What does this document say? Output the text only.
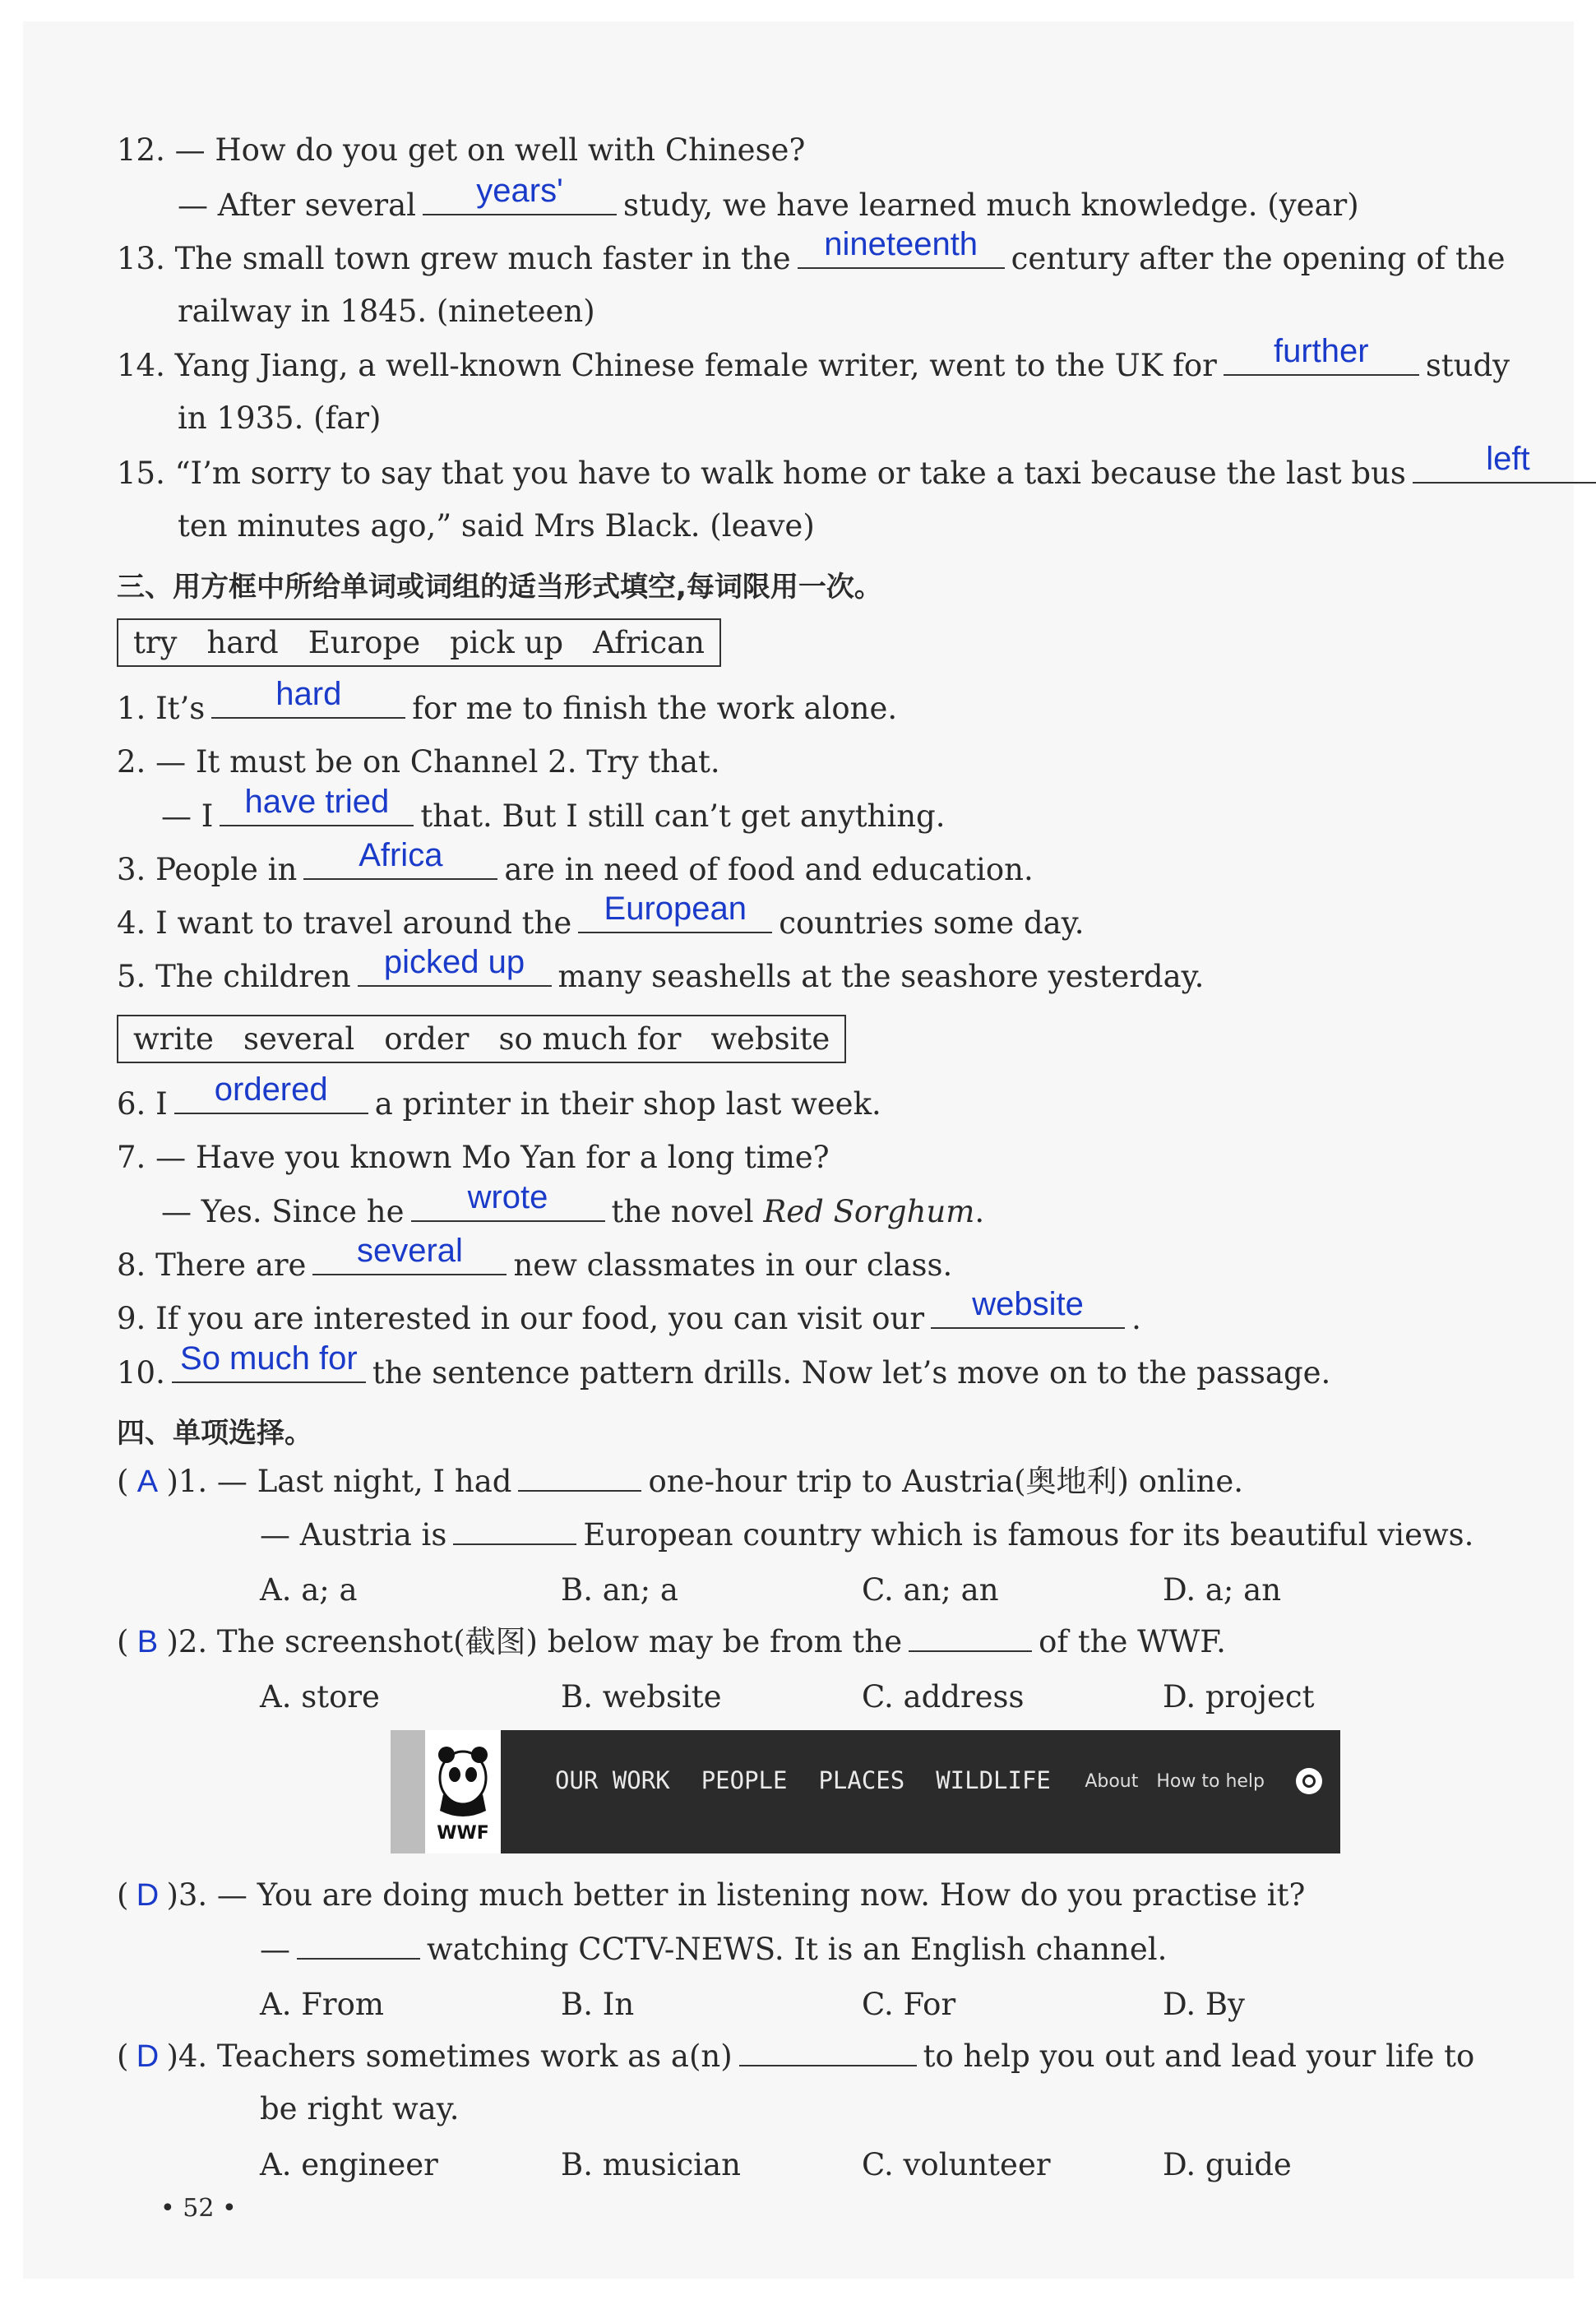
12. — How do you get on well with Chinese?
— After several	years'	study, we have learned much knowledge. (year)
13. The small town grew much faster in the	nineteenth	century after the opening of the
railway in 1845. (nineteen)
14. Yang Jiang, a well-known Chinese female writer, went to the UK for	further	study
in 1935. (far)
15. “I’m sorry to say that you have to walk home or take a taxi because the last bus	left
ten minutes ago,” said Mrs Black. (leave)
三、用方框中所给单词或词组的适当形式填空,每词限用一次。
try hard Europe pick up African
1. It’s	hard	for me to finish the work alone.
2. — It must be on Channel 2. Try that.
— I have tried	that. But I still can’t get anything.
3. People in	Africa	are in need of food and education.
4. I want to travel around the European	countries some day.
5. The children	picked up	many seashells at the seashore yesterday.
write several order so much for website
6. I	ordered	a printer in their shop last week.
7. — Have you known Mo Yan for a long time?
— Yes. Since he	wrote	the novel Red Sorghum.
8. There are	several	new classmates in our class.
9. If you are interested in our food, you can visit our	website	.
10. So much for the sentence pattern drills. Now let’s move on to the passage.
四、单项选择。
( A )1. — Last night, I had	one-hour trip to Austria(奥地利) online.
— Austria is	European country which is famous for its beautiful views.
A. a; a	B. an; a	C. an; an	D. a; an
( B )2. The screenshot(截图) below may be from the	of the WWF.
A. store	B. website	C. address	D. project
WWF
OUR WORK PEOPLE PLACES WILDLIFE	About How to help
( D )3. — You are doing much better in listening now. How do you practise it?
—	watching CCTV-NEWS. It is an English channel.
A. From	B. In	C. For	D. By
( D )4. Teachers sometimes work as a(n)	to help you out and lead your life to
be right way.
A. engineer	B. musician	C. volunteer	D. guide
• 52 •
